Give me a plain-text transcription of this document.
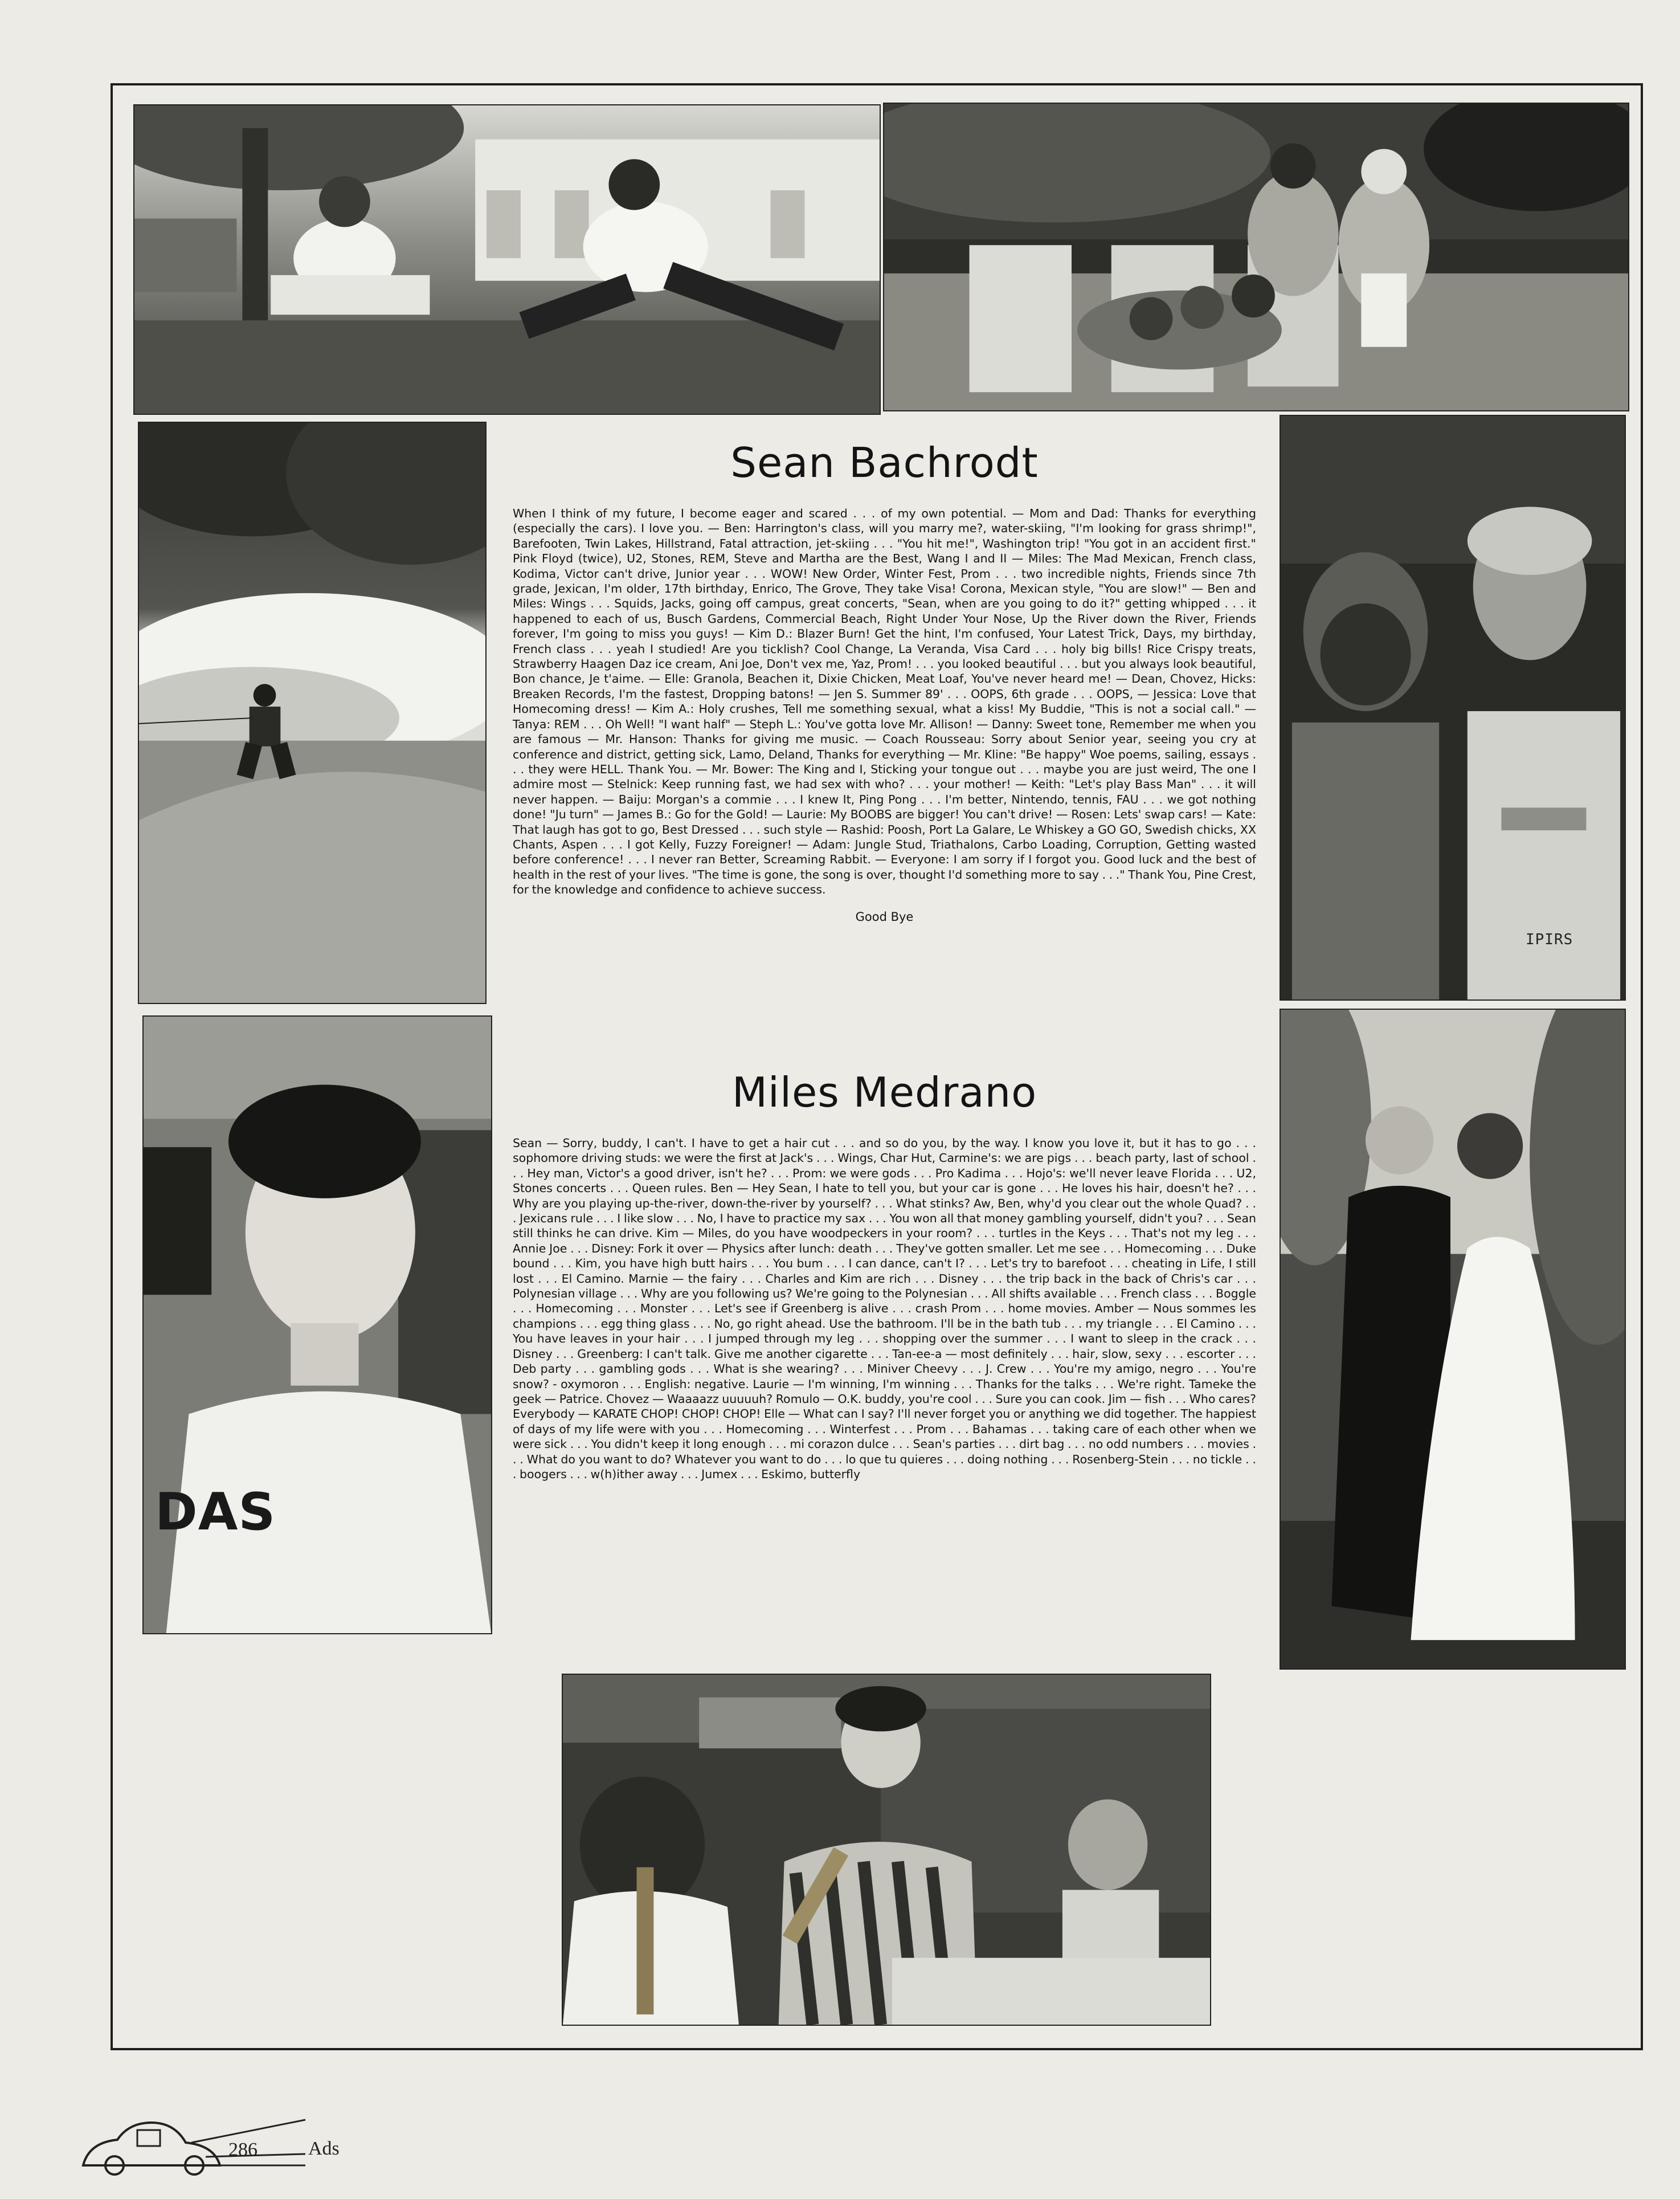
IPIRS
DAS
Sean Bachrodt

When I think of my future, I become eager and scared . . . of my own potential. — Mom and Dad: Thanks for everything (especially the cars). I love you. — Ben: Harrington's class, will you marry me?, water-skiing, "I'm looking for grass shrimp!", Barefooten, Twin Lakes, Hillstrand, Fatal attraction, jet-skiing . . . "You hit me!", Washington trip! "You got in an accident first." Pink Floyd (twice), U2, Stones, REM, Steve and Martha are the Best, Wang I and II — Miles: The Mad Mexican, French class, Kodima, Victor can't drive, Junior year . . . WOW! New Order, Winter Fest, Prom . . . two incredible nights, Friends since 7th grade, Jexican, I'm older, 17th birthday, Enrico, The Grove, They take Visa! Corona, Mexican style, "You are slow!" — Ben and Miles: Wings . . . Squids, Jacks, going off campus, great concerts, "Sean, when are you going to do it?" getting whipped . . . it happened to each of us, Busch Gardens, Commercial Beach, Right Under Your Nose, Up the River down the River, Friends forever, I'm going to miss you guys! — Kim D.: Blazer Burn! Get the hint, I'm confused, Your Latest Trick, Days, my birthday, French class . . . yeah I studied! Are you ticklish? Cool Change, La Veranda, Visa Card . . . holy big bills! Rice Crispy treats, Strawberry Haagen Daz ice cream, Ani Joe, Don't vex me, Yaz, Prom! . . . you looked beautiful . . . but you always look beautiful, Bon chance, Je t'aime. — Elle: Granola, Beachen it, Dixie Chicken, Meat Loaf, You've never heard me! — Dean, Chovez, Hicks: Breaken Records, I'm the fastest, Dropping batons! — Jen S. Summer 89' . . . OOPS, 6th grade . . . OOPS, — Jessica: Love that Homecoming dress! — Kim A.: Holy crushes, Tell me something sexual, what a kiss! My Buddie, "This is not a social call." — Tanya: REM . . . Oh Well! "I want half" — Steph L.: You've gotta love Mr. Allison! — Danny: Sweet tone, Remember me when you are famous — Mr. Hanson: Thanks for giving me music. — Coach Rousseau: Sorry about Senior year, seeing you cry at conference and district, getting sick, Lamo, Deland, Thanks for everything — Mr. Kline: "Be happy" Woe poems, sailing, essays . . . they were HELL. Thank You. — Mr. Bower: The King and I, Sticking your tongue out . . . maybe you are just weird, The one I admire most — Stelnick: Keep running fast, we had sex with who? . . . your mother! — Keith: "Let's play Bass Man" . . . it will never happen. — Baiju: Morgan's a commie . . . I knew It, Ping Pong . . . I'm better, Nintendo, tennis, FAU . . . we got nothing done! "Ju turn" — James B.: Go for the Gold! — Laurie: My BOOBS are bigger! You can't drive! — Rosen: Lets' swap cars! — Kate: That laugh has got to go, Best Dressed . . . such style — Rashid: Poosh, Port La Galare, Le Whiskey a GO GO, Swedish chicks, XX Chants, Aspen . . . I got Kelly, Fuzzy Foreigner! — Adam: Jungle Stud, Triathalons, Carbo Loading, Corruption, Getting wasted before conference! . . . I never ran Better, Screaming Rabbit. — Everyone: I am sorry if I forgot you. Good luck and the best of health in the rest of your lives. "The time is gone, the song is over, thought I'd something more to say . . ." Thank You, Pine Crest, for the knowledge and confidence to achieve success.

Good Bye

Miles Medrano

Sean — Sorry, buddy, I can't. I have to get a hair cut . . . and so do you, by the way. I know you love it, but it has to go . . . sophomore driving studs: we were the first at Jack's . . . Wings, Char Hut, Carmine's: we are pigs . . . beach party, last of school . . . Hey man, Victor's a good driver, isn't he? . . . Prom: we were gods . . . Pro Kadima . . . Hojo's: we'll never leave Florida . . . U2, Stones concerts . . . Queen rules. Ben — Hey Sean, I hate to tell you, but your car is gone . . . He loves his hair, doesn't he? . . . Why are you playing up-the-river, down-the-river by yourself? . . . What stinks? Aw, Ben, why'd you clear out the whole Quad? . . . Jexicans rule . . . I like slow . . . No, I have to practice my sax . . . You won all that money gambling yourself, didn't you? . . . Sean still thinks he can drive. Kim — Miles, do you have woodpeckers in your room? . . . turtles in the Keys . . . That's not my leg . . . Annie Joe . . . Disney: Fork it over — Physics after lunch: death . . . They've gotten smaller. Let me see . . . Homecoming . . . Duke bound . . . Kim, you have high butt hairs . . . You bum . . . I can dance, can't I? . . . Let's try to barefoot . . . cheating in Life, I still lost . . . El Camino. Marnie — the fairy . . . Charles and Kim are rich . . . Disney . . . the trip back in the back of Chris's car . . . Polynesian village . . . Why are you following us? We're going to the Polynesian . . . All shifts available . . . French class . . . Boggle . . . Homecoming . . . Monster . . . Let's see if Greenberg is alive . . . crash Prom . . . home movies. Amber — Nous sommes les champions . . . egg thing glass . . . No, go right ahead. Use the bathroom. I'll be in the bath tub . . . my triangle . . . El Camino . . . You have leaves in your hair . . . I jumped through my leg . . . shopping over the summer . . . I want to sleep in the crack . . . Disney . . . Greenberg: I can't talk. Give me another cigarette . . . Tan-ee-a — most definitely . . . hair, slow, sexy . . . escorter . . . Deb party . . . gambling gods . . . What is she wearing? . . . Miniver Cheevy . . . J. Crew . . . You're my amigo, negro . . . You're snow? - oxymoron . . . English: negative. Laurie — I'm winning, I'm winning . . . Thanks for the talks . . . We're right. Tameke the geek — Patrice. Chovez — Waaaazz uuuuuh? Romulo — O.K. buddy, you're cool . . . Sure you can cook. Jim — fish . . . Who cares? Everybody — KARATE CHOP! CHOP! CHOP! Elle — What can I say? I'll never forget you or anything we did together. The happiest of days of my life were with you . . . Homecoming . . . Winterfest . . . Prom . . . Bahamas . . . taking care of each other when we were sick . . . You didn't keep it long enough . . . mi corazon dulce . . . Sean's parties . . . dirt bag . . . no odd numbers . . . movies . . . What do you want to do? Whatever you want to do . . . lo que tu quieres . . . doing nothing . . . Rosenberg-Stein . . . no tickle . . . boogers . . . w(h)ither away . . . Jumex . . . Eskimo, butterfly

286	Ads
